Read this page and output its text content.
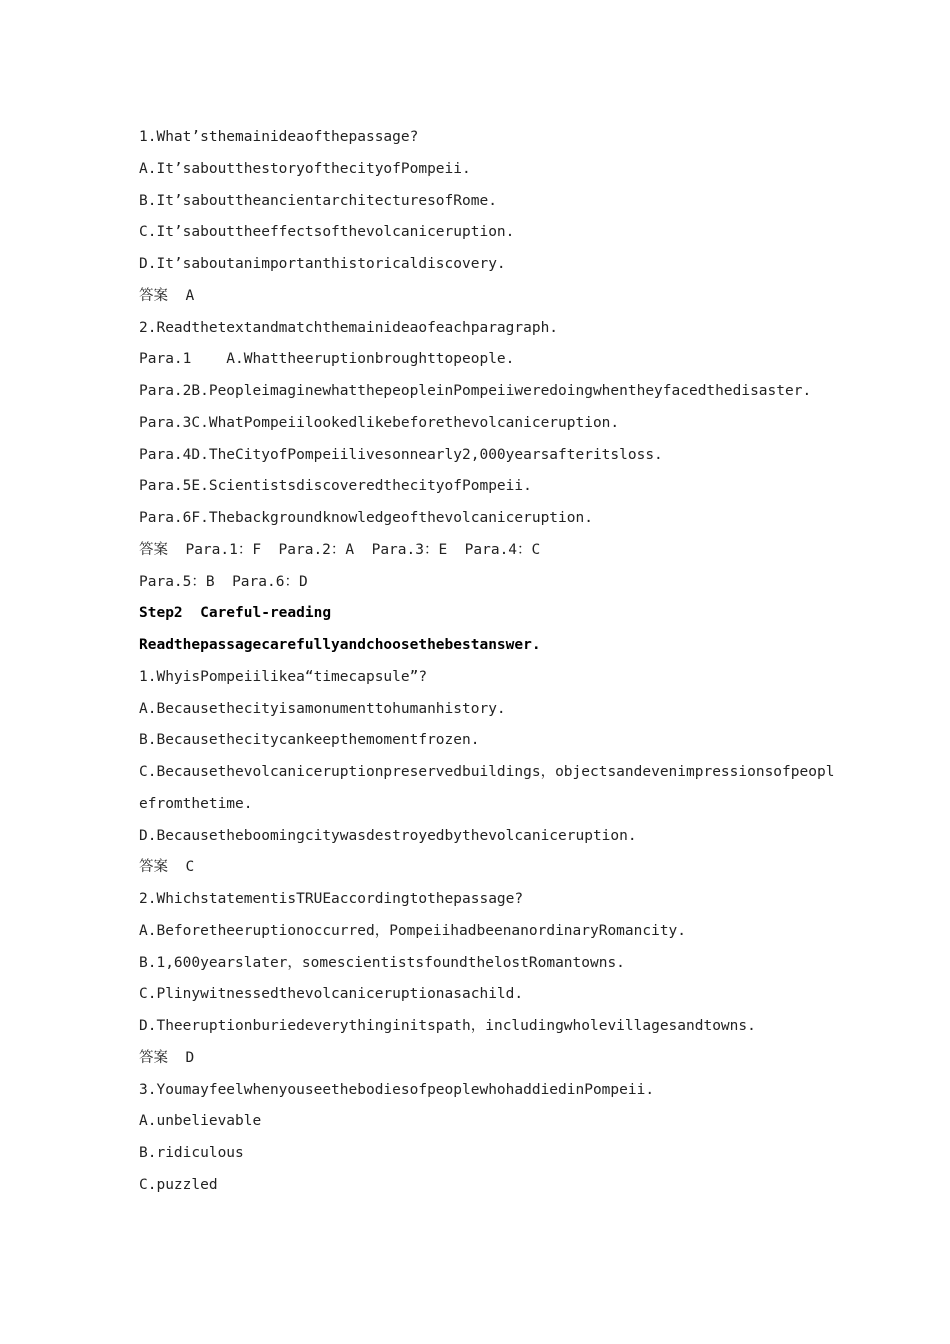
1.What’sthemainideaofthepassage?
A.It’saboutthestoryofthecityofPompeii.
B.It’sabouttheancientarchitecturesofRome.
C.It’sabouttheeffectsofthevolcaniceruption.
D.It’saboutanimportanthistoricaldiscovery.
答案  A
2.Readthetextandmatchthemainideaofeachparagraph.
Para.1    A.Whattheeruptionbroughttopeople.
Para.2B.PeopleimaginewhatthepeopleinPompeiiweredoingwhentheyfacedthedisaster.
Para.3C.WhatPompeiilookedlikebeforethevolcaniceruption.
Para.4D.TheCityofPompeiilivesonnearly2,000yearsafteritsloss.
Para.5E.ScientistsdiscoveredthecityofPompeii.
Para.6F.Thebackgroundknowledgeofthevolcaniceruption.
答案  Para.1：F  Para.2：A  Para.3：E  Para.4：C
Para.5：B  Para.6：D
Step2  Careful-reading
Readthepassagecarefullyandchoosethebestanswer.
1.WhyisPompeiilikea“timecapsule”?
A.Becausethecityisamonumenttohumanhistory.
B.Becausethecitycankeepthemomentfrozen.
C.Becausethevolcaniceruptionpreservedbuildings，objectsandevenimpressionsofpeopl
efromthetime.
D.Becausetheboomingcitywasdestroyedbythevolcaniceruption.
答案  C
2.WhichstatementisTRUEaccordingtothepassage?
A.Beforetheeruptionoccurred，PompeiihadbeenanordinaryRomancity.
B.1,600yearslater，somescientistsfoundthelostRomantowns.
C.Plinywitnessedthevolcaniceruptionasachild.
D.Theeruptionburiedeverythinginitspath，includingwholevillagesandtowns.
答案  D
3.YoumayfeelwhenyouseethebodiesofpeoplewhohaddiedinPompeii.
A.unbelievable
B.ridiculous
C.puzzled
